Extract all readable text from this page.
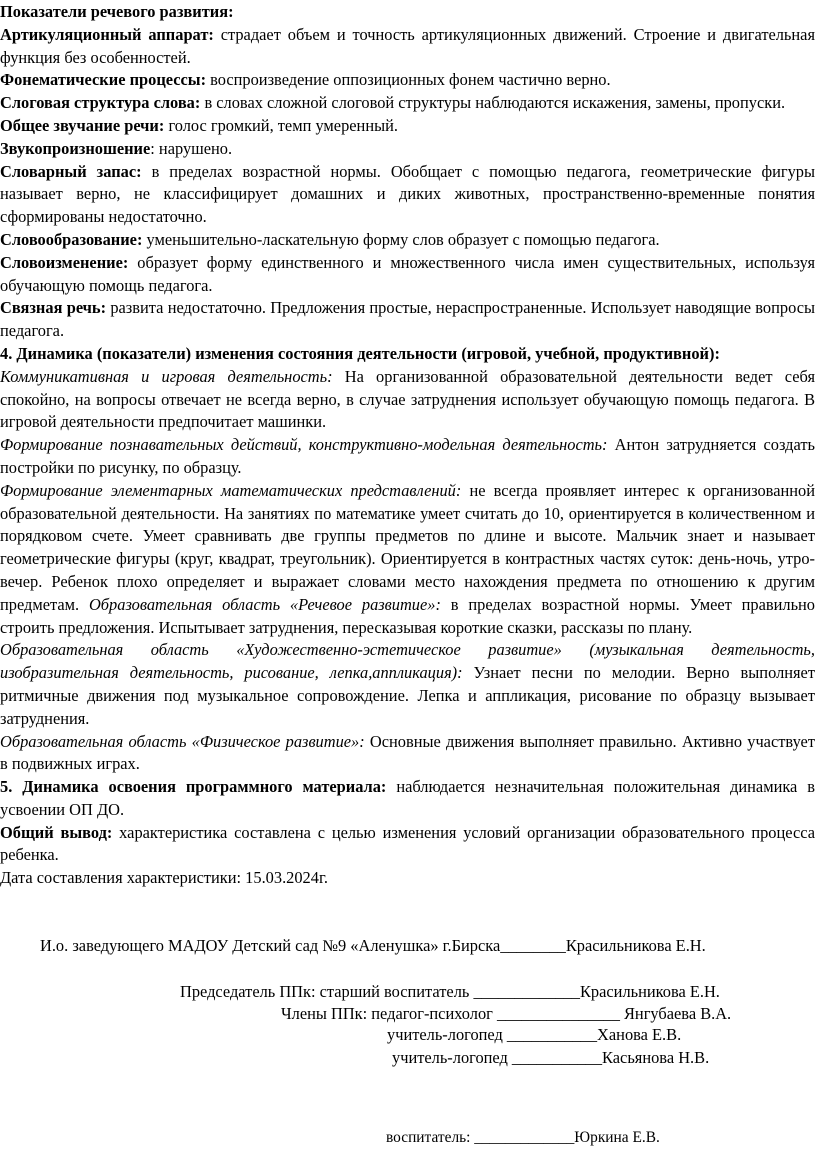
Показатели речевого развития:

Артикуляционный аппарат: страдает объем и точность артикуляционных движений. Строение и двигательная функция без особенностей.

Фонематические процессы: воспроизведение оппозиционных фонем частично верно.

Слоговая структура слова: в словах сложной слоговой структуры наблюдаются искажения, замены, пропуски.

Общее звучание речи: голос громкий, темп умеренный.

Звукопроизношение: нарушено.

Словарный запас: в пределах возрастной нормы. Обобщает с помощью педагога, геометрические фигуры называет верно, не классифицирует домашних и диких животных, пространственно-временные понятия сформированы недостаточно.

Словообразование: уменьшительно-ласкательную форму слов образует с помощью педагога.

Словоизменение: образует форму единственного и множественного числа имен существительных, используя обучающую помощь педагога.

Связная речь: развита недостаточно. Предложения простые, нераспространенные. Использует наводящие вопросы педагога.

4. Динамика (показатели) изменения состояния деятельности (игровой, учебной, продуктивной):

Коммуникативная и игровая деятельность: На организованной образовательной деятельности ведет себя спокойно, на вопросы отвечает не всегда верно, в случае затруднения использует обучающую помощь педагога. В игровой деятельности предпочитает машинки.

Формирование познавательных действий, конструктивно-модельная деятельность: Антон затрудняется создать постройки по рисунку, по образцу.

Формирование элементарных математических представлений: не всегда проявляет интерес к организованной образовательной деятельности. На занятиях по математике умеет считать до 10, ориентируется в количественном и порядковом счете. Умеет сравнивать две группы предметов по длине и высоте. Мальчик знает и называет геометрические фигуры (круг, квадрат, треугольник). Ориентируется в контрастных частях суток: день-ночь, утро-вечер. Ребенок плохо определяет и выражает словами место нахождения предмета по отношению к другим предметам. Образовательная область «Речевое развитие»: в пределах возрастной нормы. Умеет правильно строить предложения. Испытывает затруднения, пересказывая короткие сказки, рассказы по плану.

Образовательная область «Художественно-эстетическое развитие» (музыкальная деятельность, изобразительная деятельность, рисование, лепка,аппликация): Узнает песни по мелодии. Верно выполняет ритмичные движения под музыкальное сопровождение. Лепка и аппликация, рисование по образцу вызывает затруднения.

Образовательная область «Физическое развитие»: Основные движения выполняет правильно. Активно участвует в подвижных играх.

5. Динамика освоения программного материала: наблюдается незначительная положительная динамика в усвоении ОП ДО.

Общий вывод: характеристика составлена с целью изменения условий организации образовательного процесса ребенка.

Дата составления характеристики: 15.03.2024г.

И.о. заведующего МАДОУ Детский сад №9 «Аленушка» г.Бирска________Красильникова Е.Н.
Председатель ППк: старший воспитатель _____________Красильникова Е.Н.
Члены ППк: педагог-психолог _______________ Янгубаева В.А.
учитель-логопед ___________Ханова Е.В.
учитель-логопед ___________Касьянова Н.В.
воспитатель: _____________Юркина Е.В.
